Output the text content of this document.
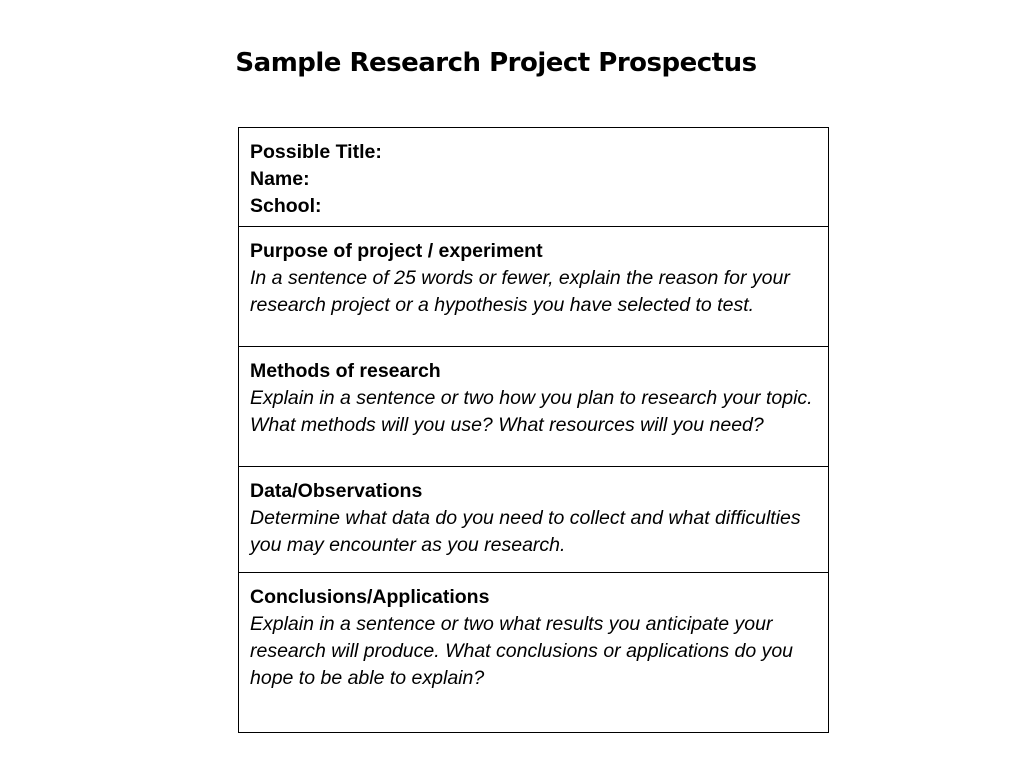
Sample Research Project Prospectus
Possible Title:
Name:
School:

Purpose of project / experiment
In a sentence of 25 words or fewer, explain the reason for your research project or a hypothesis you have selected to test.

Methods of research
Explain in a sentence or two how you plan to research your topic. What methods will you use? What resources will you need?

Data/Observations
Determine what data do you need to collect and what difficulties you may encounter as you research.

Conclusions/Applications
Explain in a sentence or two what results you anticipate your research will produce. What conclusions or applications do you hope to be able to explain?
